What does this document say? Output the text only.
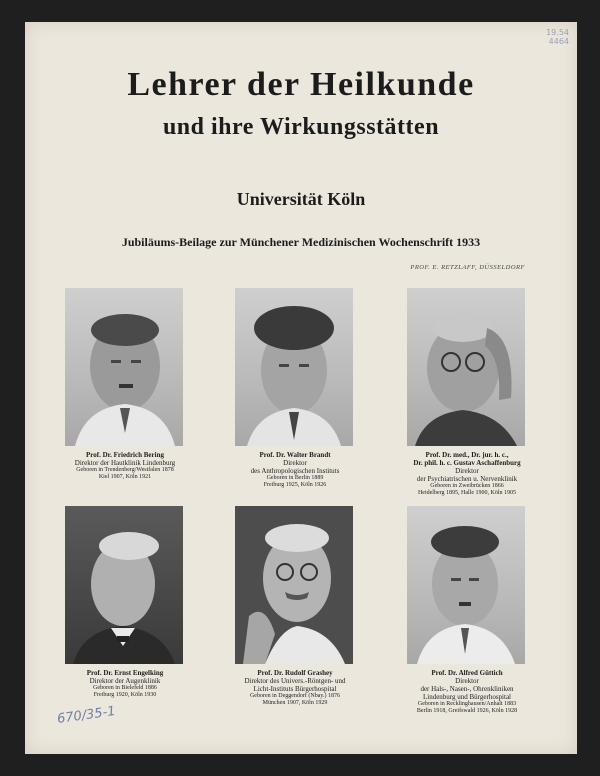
19.54
4464
Lehrer der Heilkunde
und ihre Wirkungsstätten
Universität Köln
Jubiläums-Beilage zur Münchener Medizinischen Wochenschrift 1933
PROF. E. RETZLAFF, DÜSSELDORF
Prof. Dr. Friedrich Bering
Direktor der Hautklinik Lindenburg
Geboren in Trendenberg/Westfalen 1878
Kiel 1907, Köln 1921
Prof. Dr. Walter Brandt
Direktor
des Anthropologischen Instituts
Geboren in Berlin 1889
Freiburg 1925, Köln 1926
Prof. Dr. med., Dr. jur. h. c.,
Dr. phil. h. c. Gustav Aschaffenburg
Direktor
der Psychiatrischen u. Nervenklinik
Geboren in Zweibrücken 1866
Heidelberg 1895, Halle 1900, Köln 1905
Prof. Dr. Ernst Engelking
Direktor der Augenklinik
Geboren in Bielefeld 1886
Freiburg 1920, Köln 1930
Prof. Dr. Rudolf Grashey
Direktor des Univers.-Röntgen- und
Licht-Instituts Bürgerhospital
Geboren in Deggendorf (Nbay.) 1876
München 1907, Köln 1929
Prof. Dr. Alfred Güttich
Direktor
der Hals-, Nasen-, Ohrenkliniken
Lindenburg und Bürgerhospital
Geboren in Recklinghausen/Anhalt 1883
Berlin 1918, Greifswald 1926, Köln 1928
670/35-1
